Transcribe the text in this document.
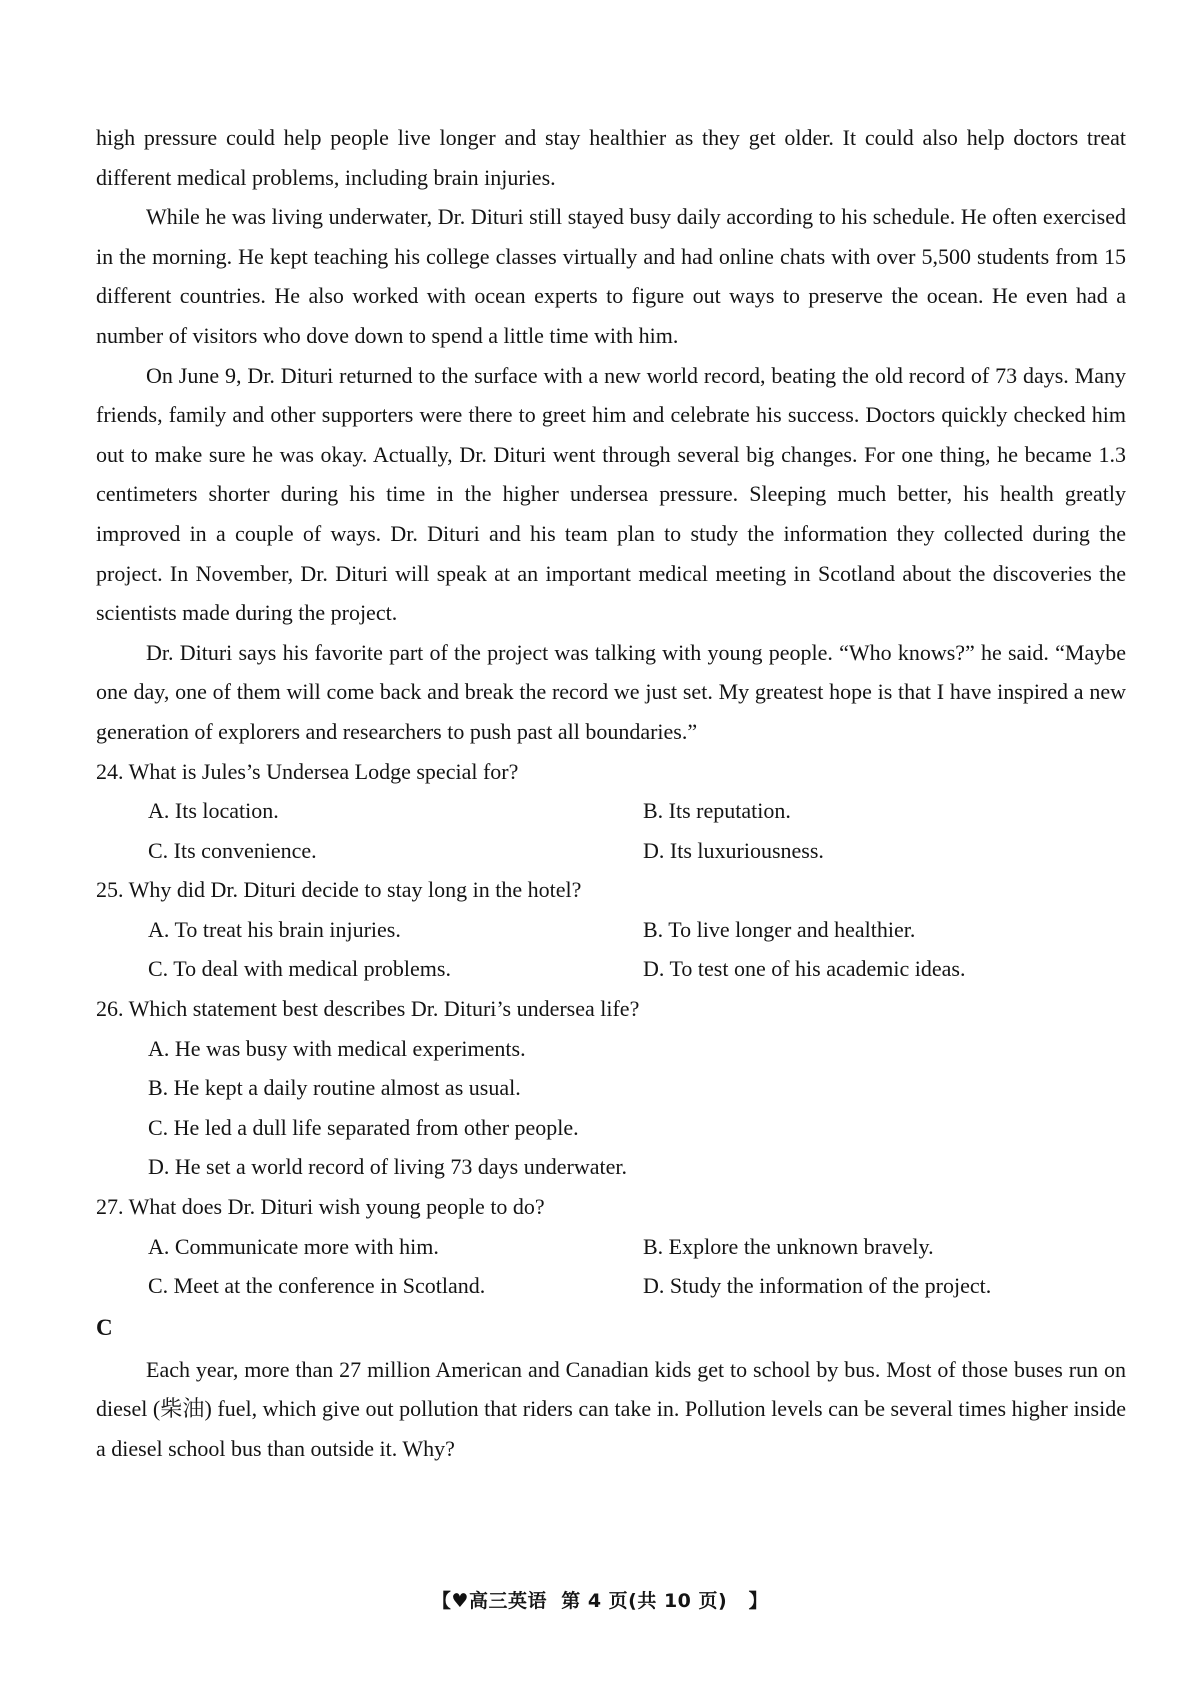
high pressure could help people live longer and stay healthier as they get older. It could also help doctors treat different medical problems, including brain injuries.

While he was living underwater, Dr. Dituri still stayed busy daily according to his schedule. He often exercised in the morning. He kept teaching his college classes virtually and had online chats with over 5,500 students from 15 different countries. He also worked with ocean experts to figure out ways to preserve the ocean. He even had a number of visitors who dove down to spend a little time with him.

On June 9, Dr. Dituri returned to the surface with a new world record, beating the old record of 73 days. Many friends, family and other supporters were there to greet him and celebrate his success. Doctors quickly checked him out to make sure he was okay. Actually, Dr. Dituri went through several big changes. For one thing, he became 1.3 centimeters shorter during his time in the higher undersea pressure. Sleeping much better, his health greatly improved in a couple of ways. Dr. Dituri and his team plan to study the information they collected during the project. In November, Dr. Dituri will speak at an important medical meeting in Scotland about the discoveries the scientists made during the project.

Dr. Dituri says his favorite part of the project was talking with young people. “Who knows?” he said. “Maybe one day, one of them will come back and break the record we just set. My greatest hope is that I have inspired a new generation of explorers and researchers to push past all boundaries.”

24. What is Jules’s Undersea Lodge special for?

A. Its location.	B. Its reputation.
C. Its convenience.	D. Its luxuriousness.

25. Why did Dr. Dituri decide to stay long in the hotel?

A. To treat his brain injuries.	B. To live longer and healthier.
C. To deal with medical problems.	D. To test one of his academic ideas.

26. Which statement best describes Dr. Dituri’s undersea life?

A. He was busy with medical experiments.
B. He kept a daily routine almost as usual.
C. He led a dull life separated from other people.
D. He set a world record of living 73 days underwater.

27. What does Dr. Dituri wish young people to do?

A. Communicate more with him.	B. Explore the unknown bravely.
C. Meet at the conference in Scotland.	D. Study the information of the project.

C

Each year, more than 27 million American and Canadian kids get to school by bus. Most of those buses run on diesel (柴油) fuel, which give out pollution that riders can take in. Pollution levels can be several times higher inside a diesel school bus than outside it. Why?

【♥高三英语 第 4 页(共 10 页) 】
